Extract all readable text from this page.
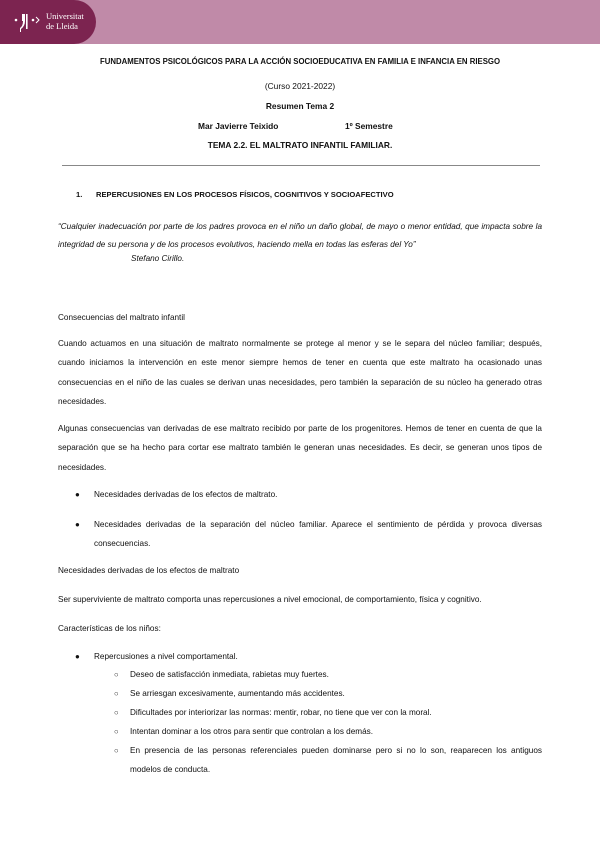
Universitat
de Lleida
FUNDAMENTOS PSICOLÓGICOS PARA LA ACCIÓN SOCIOEDUCATIVA EN FAMILIA E INFANCIA EN RIESGO
(Curso 2021-2022)
Resumen Tema 2
Mar Javierre Teixido	1º Semestre
TEMA 2.2. EL MALTRATO INFANTIL FAMILIAR.
1. REPERCUSIONES EN LOS PROCESOS FÍSICOS, COGNITIVOS Y SOCIOAFECTIVO
“Cualquier inadecuación por parte de los padres provoca en el niño un daño global, de mayo o menor entidad, que impacta sobre la integridad de su persona y de los procesos evolutivos, haciendo mella en todas las esferas del Yo”
Stefano Cirillo.
Consecuencias del maltrato infantil
Cuando actuamos en una situación de maltrato normalmente se protege al menor y se le separa del núcleo familiar; después, cuando iniciamos la intervención en este menor siempre hemos de tener en cuenta que este maltrato ha ocasionado unas consecuencias en el niño de las cuales se derivan unas necesidades, pero también la separación de su núcleo ha generado otras necesidades.
Algunas consecuencias van derivadas de ese maltrato recibido por parte de los progenitores. Hemos de tener en cuenta de que la separación que se ha hecho para cortar ese maltrato también le generan unas necesidades. Es decir, se generan unos tipos de necesidades.
● Necesidades derivadas de los efectos de maltrato.
● Necesidades derivadas de la separación del núcleo familiar. Aparece el sentimiento de pérdida y provoca diversas consecuencias.
Necesidades derivadas de los efectos de maltrato
Ser superviviente de maltrato comporta unas repercusiones a nivel emocional, de comportamiento, física y cognitivo.
Características de los niños:
● Repercusiones a nivel comportamental.
○ Deseo de satisfacción inmediata, rabietas muy fuertes.
○ Se arriesgan excesivamente, aumentando más accidentes.
○ Dificultades por interiorizar las normas: mentir, robar, no tiene que ver con la moral.
○ Intentan dominar a los otros para sentir que controlan a los demás.
○ En presencia de las personas referenciales pueden dominarse pero si no lo son, reaparecen los antiguos modelos de conducta.
